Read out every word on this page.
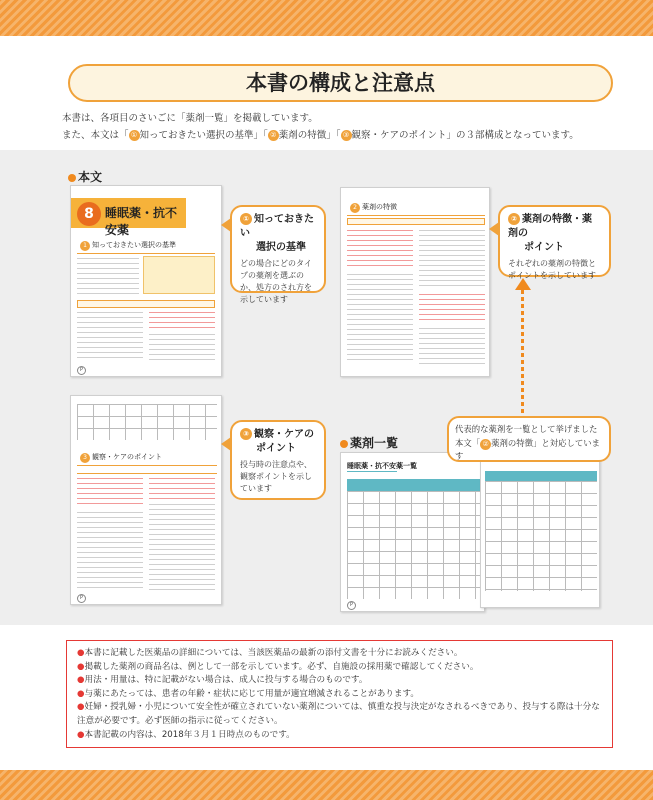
本書の構成と注意点
本書は、各項目のさいごに「薬剤一覧」を掲載しています。
また、本文は「 ① 知っておきたい選択の基準」「 ② 薬剤の特徴」「 ③ 観察・ケアのポイント」の３部構成となっています。
本文
8 睡眠薬・抗不安薬
1 知っておきたい選択の基準
P
① 知っておきたい
選択の基準
どの場合にどのタイプの薬剤を選ぶのか、処方のされ方を示しています
2 薬剤の特徴
② 薬剤の特徴・薬剤の
ポイント
それぞれの薬剤の特徴とポイントを示しています
3 観察・ケアのポイント
P
③ 観察・ケアの
ポイント
投与時の注意点や、観察ポイントを示しています
薬剤一覧
睡眠薬・抗不安薬一覧
P
代表的な薬剤を一覧として挙げました
本文「 ② 薬剤の特徴」と対応しています
●本書に記載した医薬品の詳細については、当該医薬品の最新の添付文書を十分にお読みください。
●掲載した薬剤の商品名は、例として一部を示しています。必ず、自施設の採用薬で確認してください。
●用法・用量は、特に記載がない場合は、成人に投与する場合のものです。
●与薬にあたっては、患者の年齢・症状に応じて用量が適宜増減されることがあります。
●妊婦・授乳婦・小児について安全性が確立されていない薬剤については、慎重な投与決定がなされるべきであり、投与する際は十分な注意が必要です。必ず医師の指示に従ってください。
●本書記載の内容は、2018年３月１日時点のものです。
